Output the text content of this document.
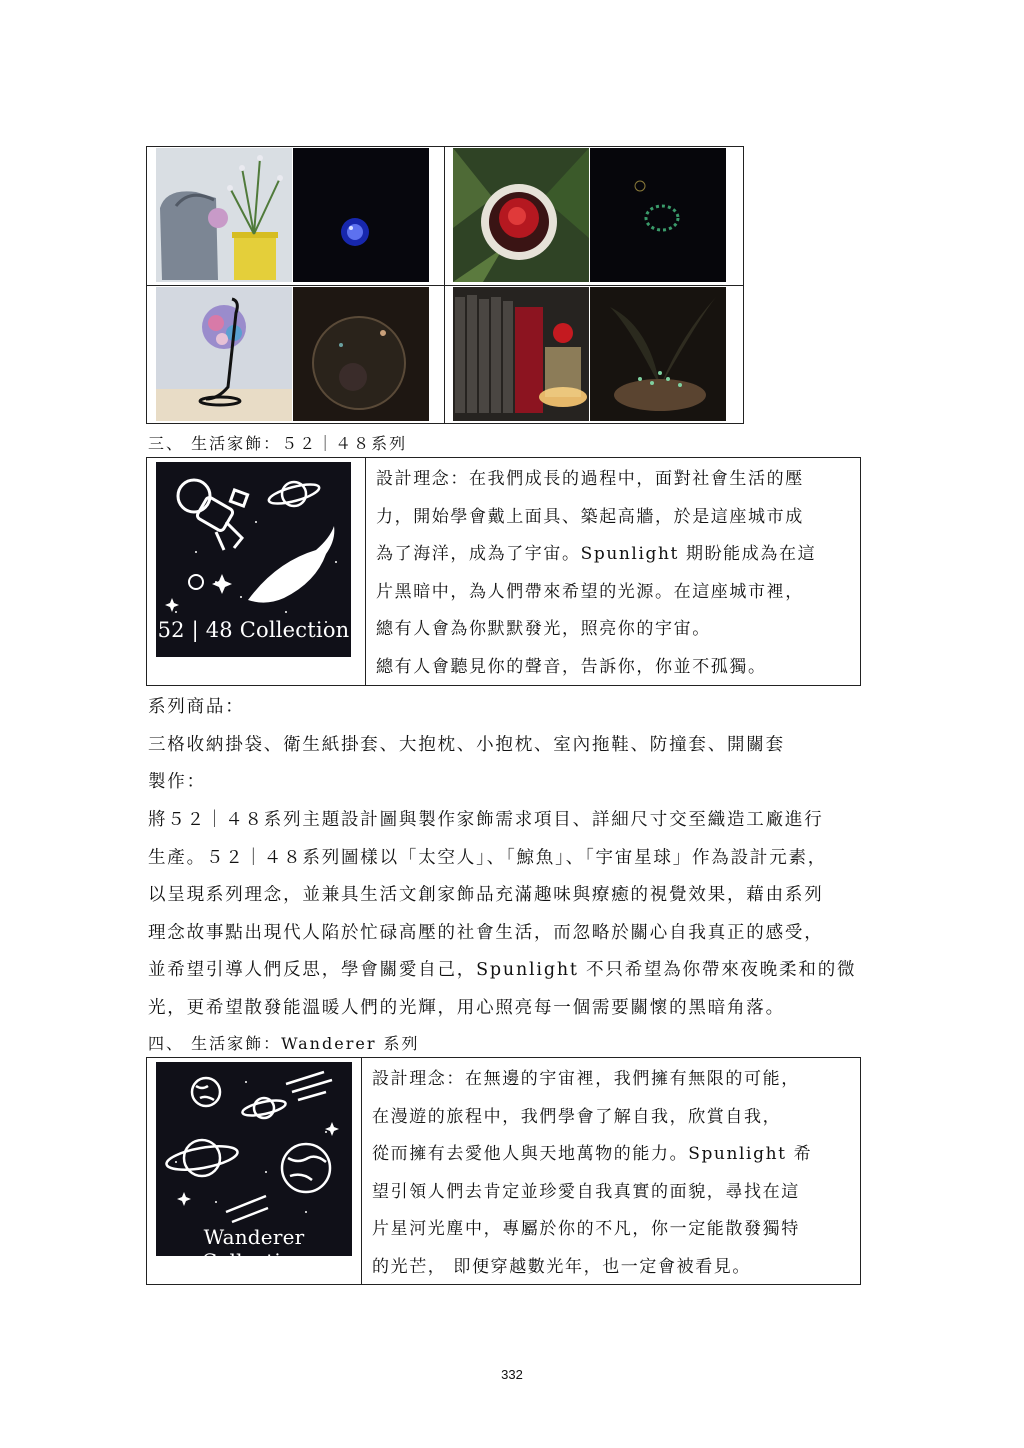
三、 生活家飾：５２｜４８系列
52 | 48 Collection

設計理念：在我們成長的過程中，面對社會生活的壓

力，開始學會戴上面具、築起高牆，於是這座城市成

為了海洋，成為了宇宙。Spunlight 期盼能成為在這

片黑暗中，為人們帶來希望的光源。在這座城市裡，

總有人會為你默默發光，照亮你的宇宙。

總有人會聽見你的聲音，告訴你，你並不孤獨。

系列商品：
三格收納掛袋、衛生紙掛套、大抱枕、小抱枕、室內拖鞋、防撞套、開關套
製作：
將５２｜４８系列主題設計圖與製作家飾需求項目、詳細尺寸交至織造工廠進行
生產。５２｜４８系列圖樣以「太空人」、「鯨魚」、「宇宙星球」作為設計元素，
以呈現系列理念，並兼具生活文創家飾品充滿趣味與療癒的視覺效果，藉由系列
理念故事點出現代人陷於忙碌高壓的社會生活，而忽略於關心自我真正的感受，
並希望引導人們反思，學會關愛自己，Spunlight 不只希望為你帶來夜晚柔和的微
光，更希望散發能溫暖人們的光輝，用心照亮每一個需要關懷的黑暗角落。
四、 生活家飾：Wanderer 系列
Wanderer Collection

設計理念：在無邊的宇宙裡，我們擁有無限的可能，

在漫遊的旅程中，我們學會了解自我，欣賞自我，

從而擁有去愛他人與天地萬物的能力。Spunlight 希

望引領人們去肯定並珍愛自我真實的面貌，尋找在這

片星河光塵中，專屬於你的不凡，你一定能散發獨特

的光芒， 即便穿越數光年，也一定會被看見。

332
